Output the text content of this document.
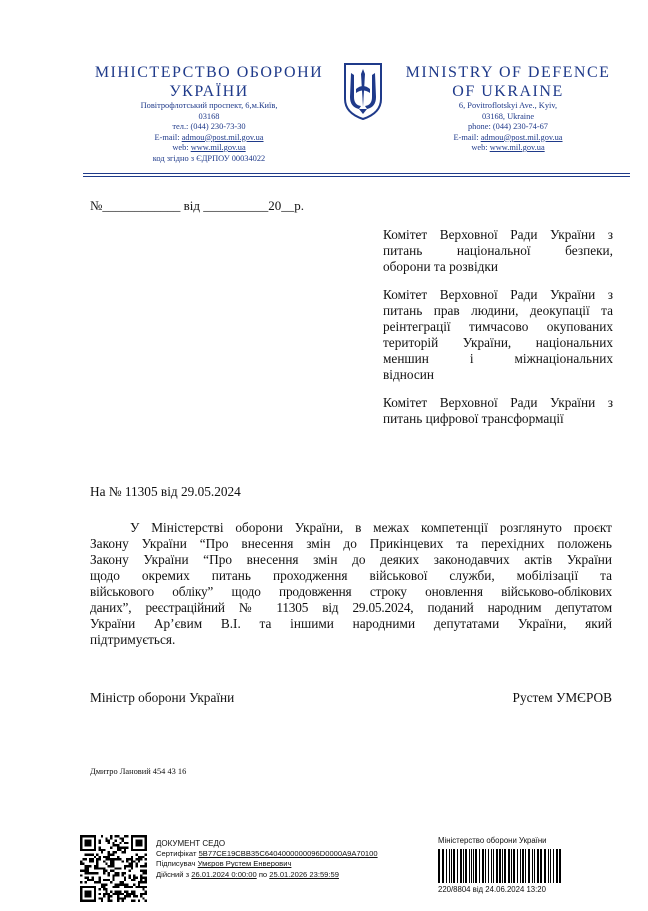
МІНІСТЕРСТВО ОБОРОНИ
УКРАЇНИ
Повітрофлотський проспект, 6,м.Київ,
03168
тел.: (044) 230-73-30
E-mail: admou@post.mil.gov.ua
web: www.mil.gov.ua
код згідно з ЄДРПОУ 00034022
MINISTRY OF DEFENCE
OF UKRAINE
6, Povitroflotskyi Ave., Kyiv,
03168, Ukraine
phone: (044) 230-74-67
E-mail: admou@post.mil.gov.ua
web: www.mil.gov.ua
№____________ від __________20__р.
Комітет Верховної Ради України з
питань національної безпеки,
оборони та розвідки
Комітет Верховної Ради України з
питань прав людини, деокупації та
реінтеграції тимчасово окупованих
територій України, національних
меншин і міжнаціональних
відносин
Комітет Верховної Ради України з
питань цифрової трансформації
На № 11305 від 29.05.2024
У Міністерстві оборони України, в межах компетенції розглянуто проєкт
Закону України “Про внесення змін до Прикінцевих та перехідних положень
Закону України “Про внесення змін до деяких законодавчих актів України
щодо окремих питань проходження військової служби, мобілізації та
військового обліку” щодо продовження строку оновлення військово-облікових
даних”, реєстраційний № 11305 від 29.05.2024, поданий народним депутатом
України Ар’євим В.І. та іншими народними депутатами України, який
підтримується.
Міністр оборони України	Рустем УМЄРОВ
Дмитро Лановий 454 43 16
ДОКУМЕНТ СЕДО
Сертифікат 5B77CE19CBB35C6404000000096D0000A9A70100
Підписувач Умєров Рустем Енверович
Дійсний з 26.01.2024 0:00:00 по 25.01.2026 23:59:59
Міністерство оборони України
220/8804 від 24.06.2024 13:20
